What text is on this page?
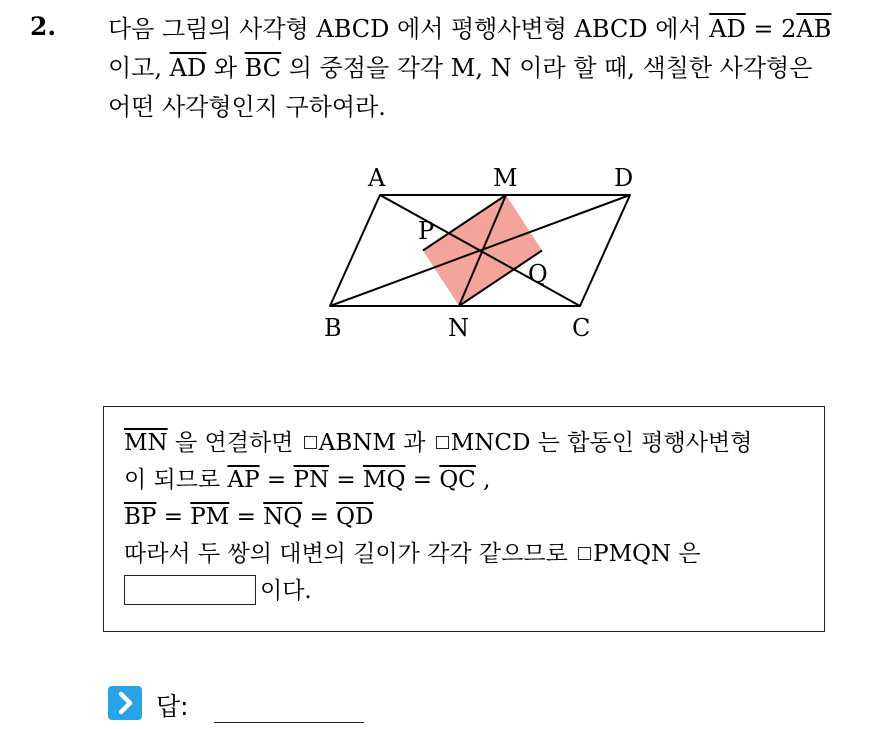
2. 다음 그림의 사각형 ABCD 에서 평행사변형 ABCD 에서 $\overline{AD} = 2\overline{AB}$
이고, $\overline{AD}$ 와 $\overline{BC}$ 의 중점을 각각 M, N 이라 할 때, 색칠한 사각형은
어떤 사각형인지 구하여라.
A	M	D
P
Q
B	N	C
$\overline{MN}$ 을 연결하면 ABNM 과 MNCD 는 합동인 평행사변형
이 되므로 $\overline{AP} = \overline{PN} = \overline{MQ} = \overline{QC}$ ,
$\overline{BP} = \overline{PM} = \overline{NQ} = \overline{QD}$
따라서 두 쌍의 대변의 길이가 각각 같으므로 PMQN 은
이다.
답:
